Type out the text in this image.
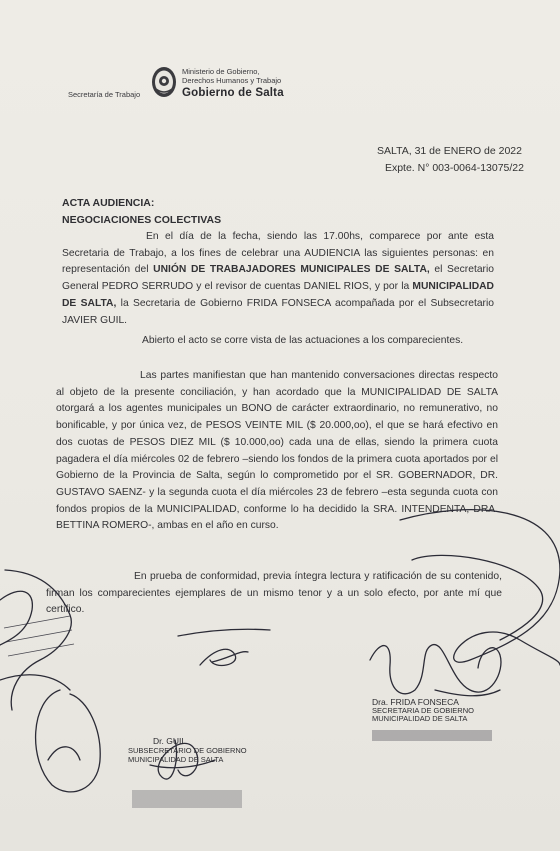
Secretaría de Trabajo
Ministerio de Gobierno,
Derechos Humanos y Trabajo
Gobierno de Salta
SALTA, 31 de ENERO de 2022
Expte. N° 003-0064-13075/22
ACTA AUDIENCIA:
NEGOCIACIONES COLECTIVAS
En el día de la fecha, siendo las 17.00hs, comparece por ante esta Secretaria de Trabajo, a los fines de celebrar una AUDIENCIA las siguientes personas: en representación del UNIÓN DE TRABAJADORES MUNICIPALES DE SALTA, el Secretario General PEDRO SERRUDO y el revisor de cuentas DANIEL RIOS, y por la MUNICIPALIDAD DE SALTA, la Secretaria de Gobierno FRIDA FONSECA acompañada por el Subsecretario JAVIER GUIL.
Abierto el acto se corre vista de las actuaciones a los comparecientes.
Las partes manifiestan que han mantenido conversaciones directas respecto al objeto de la presente conciliación, y han acordado que la MUNICIPALIDAD DE SALTA otorgará a los agentes municipales un BONO de carácter extraordinario, no remunerativo, no bonificable, y por única vez, de PESOS VEINTE MIL ($ 20.000,oo), el que se hará efectivo en dos cuotas de PESOS DIEZ MIL ($ 10.000,oo) cada una de ellas, siendo la primera cuota pagadera el día miércoles 02 de febrero –siendo los fondos de la primera cuota aportados por el Gobierno de la Provincia de Salta, según lo comprometido por el SR. GOBERNADOR, DR. GUSTAVO SAENZ- y la segunda cuota el día miércoles 23 de febrero –esta segunda cuota con fondos propios de la MUNICIPALIDAD, conforme lo ha decidido la SRA. INTENDENTA, DRA. BETTINA ROMERO-, ambas en el año en curso.
En prueba de conformidad, previa íntegra lectura y ratificación de su contenido, firman los comparecientes ejemplares de un mismo tenor y a un solo efecto, por ante mí que certifico.
Dra. FRIDA FONSECA
SECRETARIA DE GOBIERNO
MUNICIPALIDAD DE SALTA
Dr. GUIL
SUBSECRETARIO DE GOBIERNO
MUNICIPALIDAD DE SALTA
